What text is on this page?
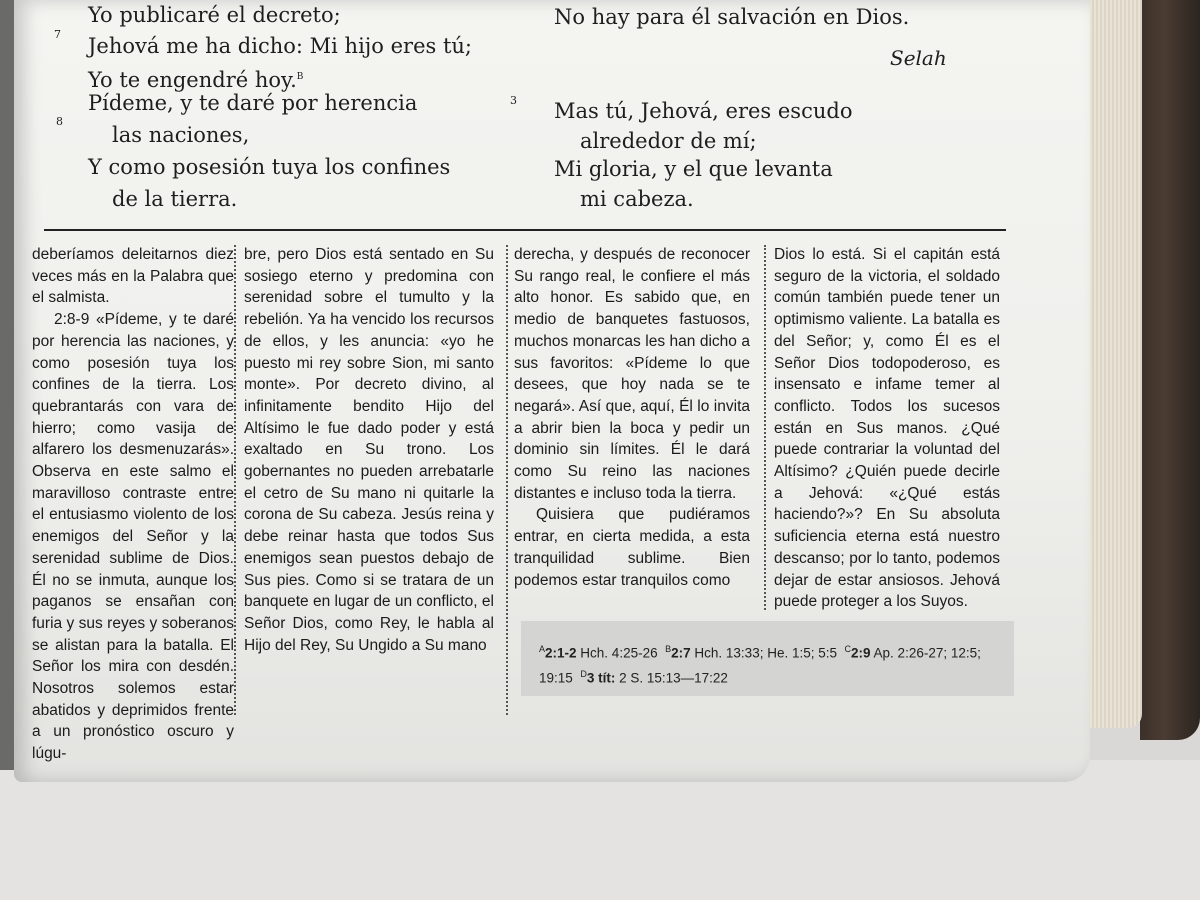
7
Yo publicaré el decreto;
Jehová me ha dicho: Mi hijo eres tú;
Yo te engendré hoy.$^B$
8
Pídeme, y te daré por herencia
las naciones,
Y como posesión tuya los confines
de la tierra.
No hay para él salvación en Dios.
Selah
3 Mas tú, Jehová, eres escudo
alrededor de mí;
Mi gloria, y el que levanta
mi cabeza.

deberíamos deleitarnos diez veces más en la Palabra que el salmista.

2:8-9 «Pídeme, y te daré por herencia las naciones, y como posesión tuya los confines de la tierra. Los quebrantarás con vara de hierro; como vasija de alfarero los desmenuzarás». Observa en este salmo el maravilloso contraste entre el entusiasmo violento de los enemigos del Señor y la serenidad sublime de Dios. Él no se inmuta, aunque los paganos se ensañan con furia y sus reyes y soberanos se alistan para la batalla. El Señor los mira con desdén. Nosotros solemos estar abatidos y deprimidos frente a un pronóstico oscuro y lúgu-

bre, pero Dios está sentado en Su sosiego eterno y predomina con serenidad sobre el tumulto y la rebelión. Ya ha vencido los recursos de ellos, y les anuncia: «yo he puesto mi rey sobre Sion, mi santo monte». Por decreto divino, al infinitamente bendito Hijo del Altísimo le fue dado poder y está exaltado en Su trono. Los gobernantes no pueden arrebatarle el cetro de Su mano ni quitarle la corona de Su cabeza. Jesús reina y debe reinar hasta que todos Sus enemigos sean puestos debajo de Sus pies. Como si se tratara de un banquete en lugar de un conflicto, el Señor Dios, como Rey, le habla al Hijo del Rey, Su Ungido a Su mano

derecha, y después de reconocer Su rango real, le confiere el más alto honor. Es sabido que, en medio de banquetes fastuosos, muchos monarcas les han dicho a sus favoritos: «Pídeme lo que desees, que hoy nada se te negará». Así que, aquí, Él lo invita a abrir bien la boca y pedir un dominio sin límites. Él le dará como Su reino las naciones distantes e incluso toda la tierra.

Quisiera que pudiéramos entrar, en cierta medida, a esta tranquilidad sublime. Bien podemos estar tranquilos como

Dios lo está. Si el capitán está seguro de la victoria, el soldado común también puede tener un optimismo valiente. La batalla es del Señor; y, como Él es el Señor Dios todopoderoso, es insensato e infame temer al conflicto. Todos los sucesos están en Sus manos. ¿Qué puede contrariar la voluntad del Altísimo? ¿Quién puede decirle a Jehová: «¿Qué estás haciendo?»? En Su absoluta suficiencia eterna está nuestro descanso; por lo tanto, podemos dejar de estar ansiosos. Jehová puede proteger a los Suyos.

$^A$2:1-2 Hch. 4:25-26 $^B$2:7 Hch. 13:33; He. 1:5; 5:5 $^C$2:9 Ap. 2:26-27; 12:5; 19:15 $^D$3 tít: 2 S. 15:13—17:22
